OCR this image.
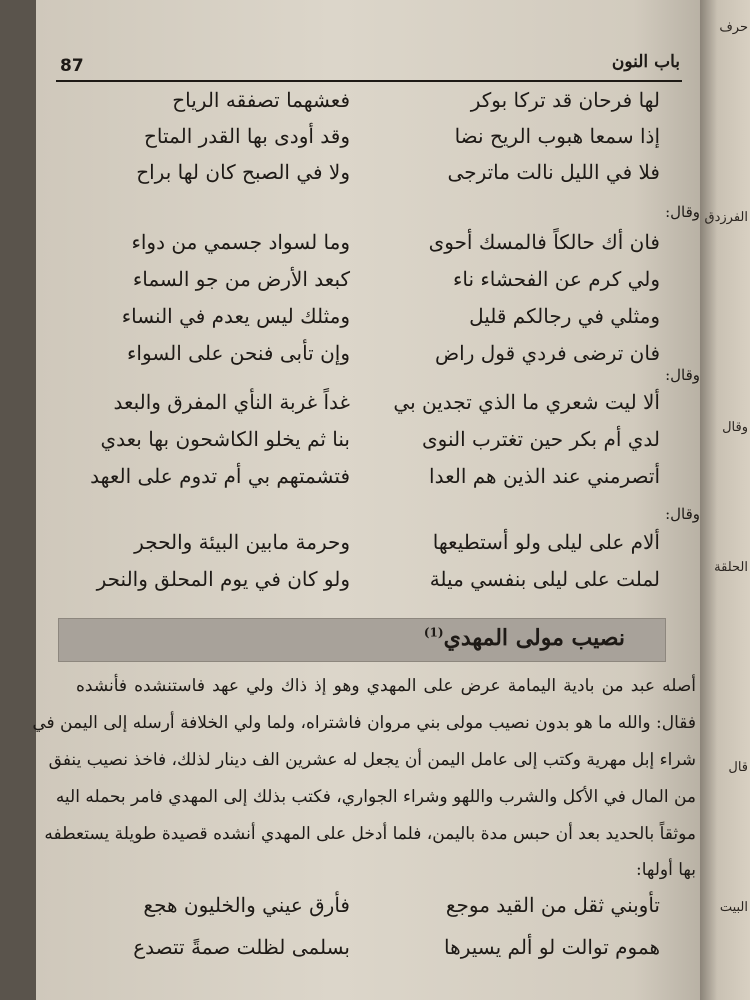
حرف
الفرزدق
وقال
الحلقة
قال
البيت
87	باب النون
لها فرحان قد تركا بوكر
فعشهما تصفقه الرياح
إذا سمعا هبوب الريح نضا
وقد أودى بها القدر المتاح
فلا في الليل نالت ماترجى
ولا في الصبح كان لها براح
وقال:
فان أك حالكاً فالمسك أحوى
وما لسواد جسمي من دواء
ولي كرم عن الفحشاء ناء
كبعد الأرض من جو السماء
ومثلي في رجالكم قليل
ومثلك ليس يعدم في النساء
فان ترضى فردي قول راض
وإن تأبى فنحن على السواء
وقال:
ألا ليت شعري ما الذي تجدين بي
غداً غربة النأي المفرق والبعد
لدي أم بكر حين تغترب النوى
بنا ثم يخلو الكاشحون بها بعدي
أتصرمني عند الذين هم العدا
فتشمتهم بي أم تدوم على العهد
وقال:
ألام على ليلى ولو أستطيعها
وحرمة مابين البيئة والحجر
لملت على ليلى بنفسي ميلة
ولو كان في يوم المحلق والنحر
نصيب مولى المهدي$^{(1)}$
أصله عبد من بادية اليمامة عرض على المهدي وهو إذ ذاك ولي عهد فاستنشده فأنشده
فقال: والله ما هو بدون نصيب مولى بني مروان فاشتراه، ولما ولي الخلافة أرسله إلى اليمن في
شراء إبل مهرية وكتب إلى عامل اليمن أن يجعل له عشرين الف دينار لذلك، فاخذ نصيب ينفق
من المال في الأكل والشرب واللهو وشراء الجواري، فكتب بذلك إلى المهدي فامر بحمله اليه
موثقاً بالحديد بعد أن حبس مدة باليمن، فلما أدخل على المهدي أنشده قصيدة طويلة يستعطفه
بها أولها:
تأوبني ثقل من القيد موجع
فأرق عيني والخليون هجع
هموم توالت لو ألم يسيرها
بسلمى لظلت صمةً تتصدع
